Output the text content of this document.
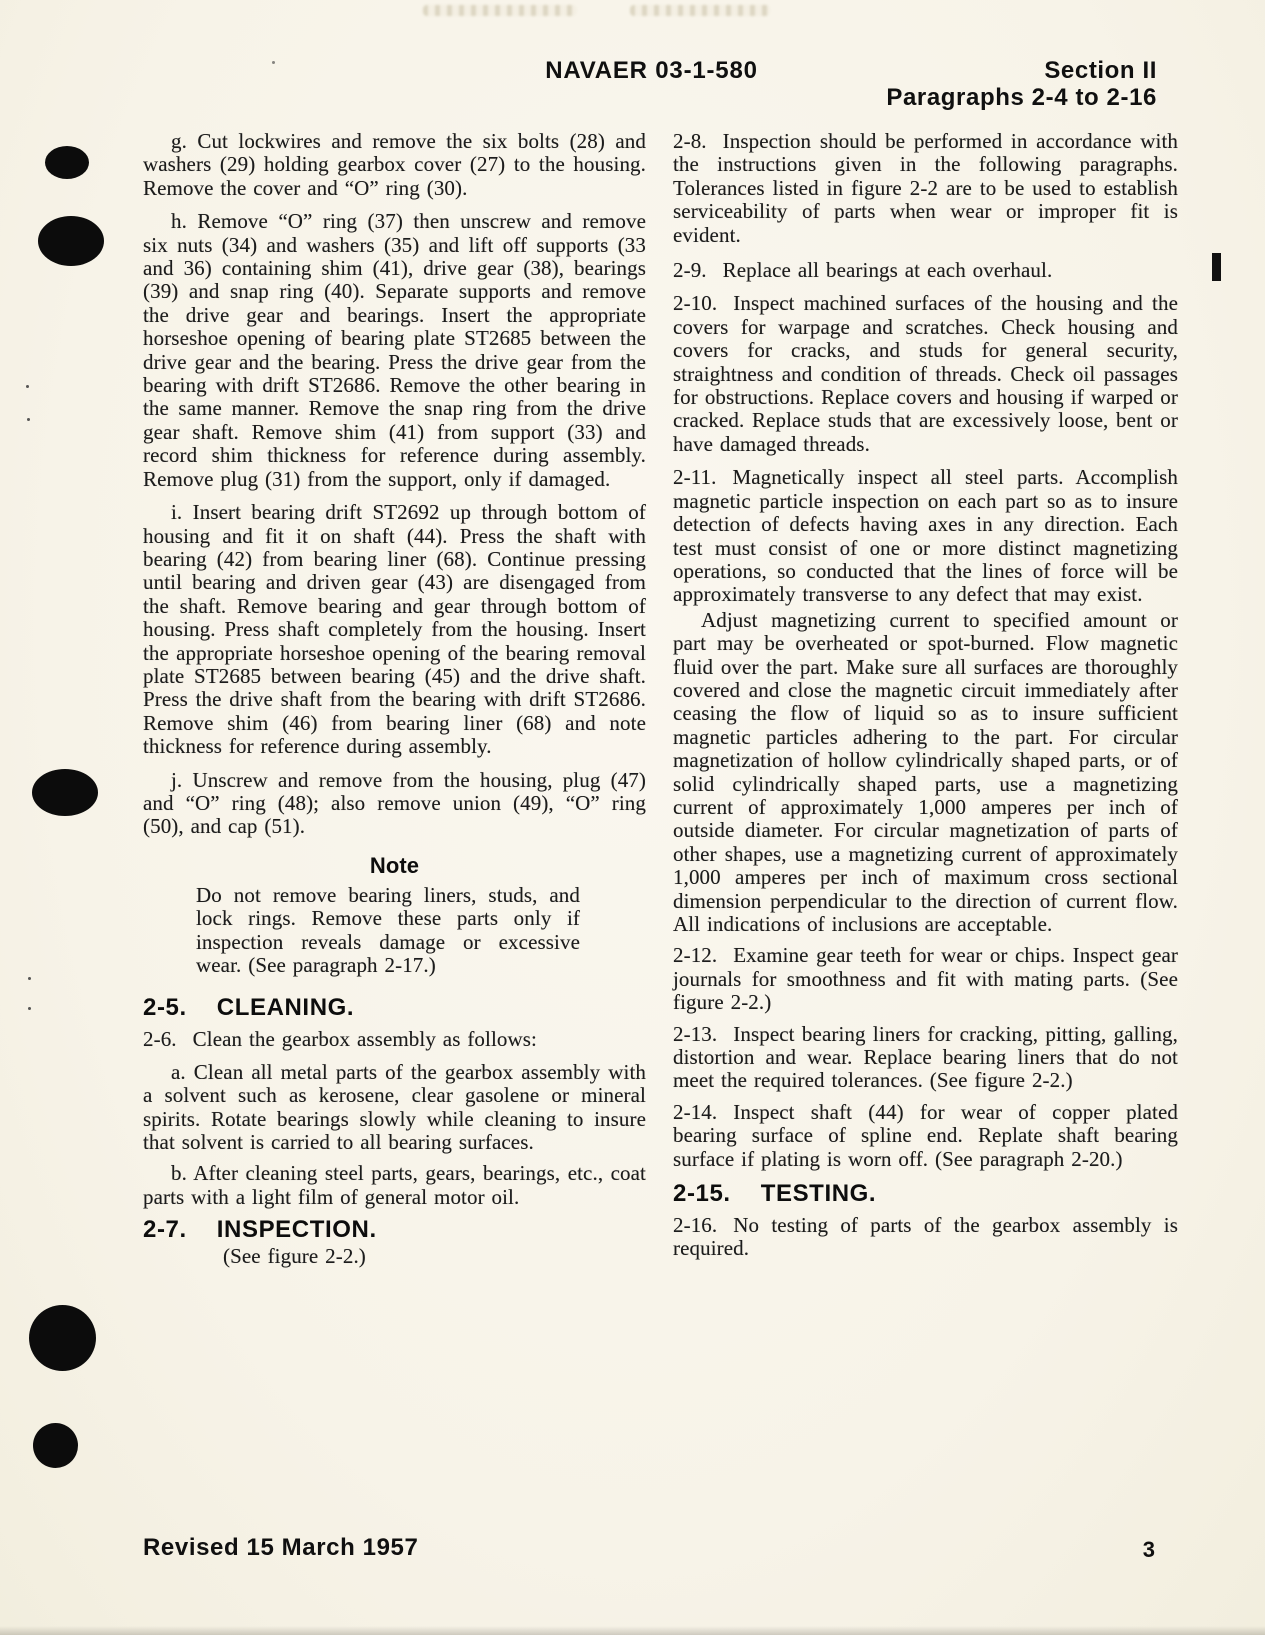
NAVAER 03-1-580	Section II
Paragraphs 2-4 to 2-16

g. Cut lockwires and remove the six bolts (28) and washers (29) holding gearbox cover (27) to the housing. Remove the cover and “O” ring (30).

h. Remove “O” ring (37) then unscrew and remove six nuts (34) and washers (35) and lift off supports (33 and 36) containing shim (41), drive gear (38), bearings (39) and snap ring (40). Separate supports and remove the drive gear and bearings. Insert the appropriate horseshoe opening of bearing plate ST2685 between the drive gear and the bearing. Press the drive gear from the bearing with drift ST2686. Remove the other bearing in the same manner. Remove the snap ring from the drive gear shaft. Remove shim (41) from support (33) and record shim thickness for reference during assembly. Remove plug (31) from the support, only if damaged.

i. Insert bearing drift ST2692 up through bottom of housing and fit it on shaft (44). Press the shaft with bearing (42) from bearing liner (68). Continue pressing until bearing and driven gear (43) are disengaged from the shaft. Remove bearing and gear through bottom of housing. Press shaft completely from the housing. Insert the appropriate horseshoe opening of the bearing removal plate ST2685 between bearing (45) and the drive shaft. Press the drive shaft from the bearing with drift ST2686. Remove shim (46) from bearing liner (68) and note thickness for reference during assembly.

j. Unscrew and remove from the housing, plug (47) and “O” ring (48); also remove union (49), “O” ring (50), and cap (51).

Note

Do not remove bearing liners, studs, and lock rings. Remove these parts only if inspection reveals damage or excessive wear. (See paragraph 2-17.)

2-5. CLEANING.

2-6. Clean the gearbox assembly as follows:

a. Clean all metal parts of the gearbox assembly with a solvent such as kerosene, clear gasolene or mineral spirits. Rotate bearings slowly while cleaning to insure that solvent is carried to all bearing surfaces.

b. After cleaning steel parts, gears, bearings, etc., coat parts with a light film of general motor oil.

2-7. INSPECTION.

(See figure 2-2.)

2-8. Inspection should be performed in accordance with the instructions given in the following paragraphs. Tolerances listed in figure 2-2 are to be used to establish serviceability of parts when wear or improper fit is evident.

2-9. Replace all bearings at each overhaul.

2-10. Inspect machined surfaces of the housing and the covers for warpage and scratches. Check housing and covers for cracks, and studs for general security, straightness and condition of threads. Check oil passages for obstructions. Replace covers and housing if warped or cracked. Replace studs that are excessively loose, bent or have damaged threads.

2-11. Magnetically inspect all steel parts. Accomplish magnetic particle inspection on each part so as to insure detection of defects having axes in any direction. Each test must consist of one or more distinct magnetizing operations, so conducted that the lines of force will be approximately transverse to any defect that may exist.

Adjust magnetizing current to specified amount or part may be overheated or spot-burned. Flow magnetic fluid over the part. Make sure all surfaces are thoroughly covered and close the magnetic circuit immediately after ceasing the flow of liquid so as to insure sufficient magnetic particles adhering to the part. For circular magnetization of hollow cylindrically shaped parts, or of solid cylindrically shaped parts, use a magnetizing current of approximately 1,000 amperes per inch of outside diameter. For circular magnetization of parts of other shapes, use a magnetizing current of approximately 1,000 amperes per inch of maximum cross sectional dimension perpendicular to the direction of current flow. All indications of inclusions are acceptable.

2-12. Examine gear teeth for wear or chips. Inspect gear journals for smoothness and fit with mating parts. (See figure 2-2.)

2-13. Inspect bearing liners for cracking, pitting, galling, distortion and wear. Replace bearing liners that do not meet the required tolerances. (See figure 2-2.)

2-14. Inspect shaft (44) for wear of copper plated bearing surface of spline end. Replate shaft bearing surface if plating is worn off. (See paragraph 2-20.)

2-15. TESTING.

2-16. No testing of parts of the gearbox assembly is required.

Revised 15 March 1957	3
